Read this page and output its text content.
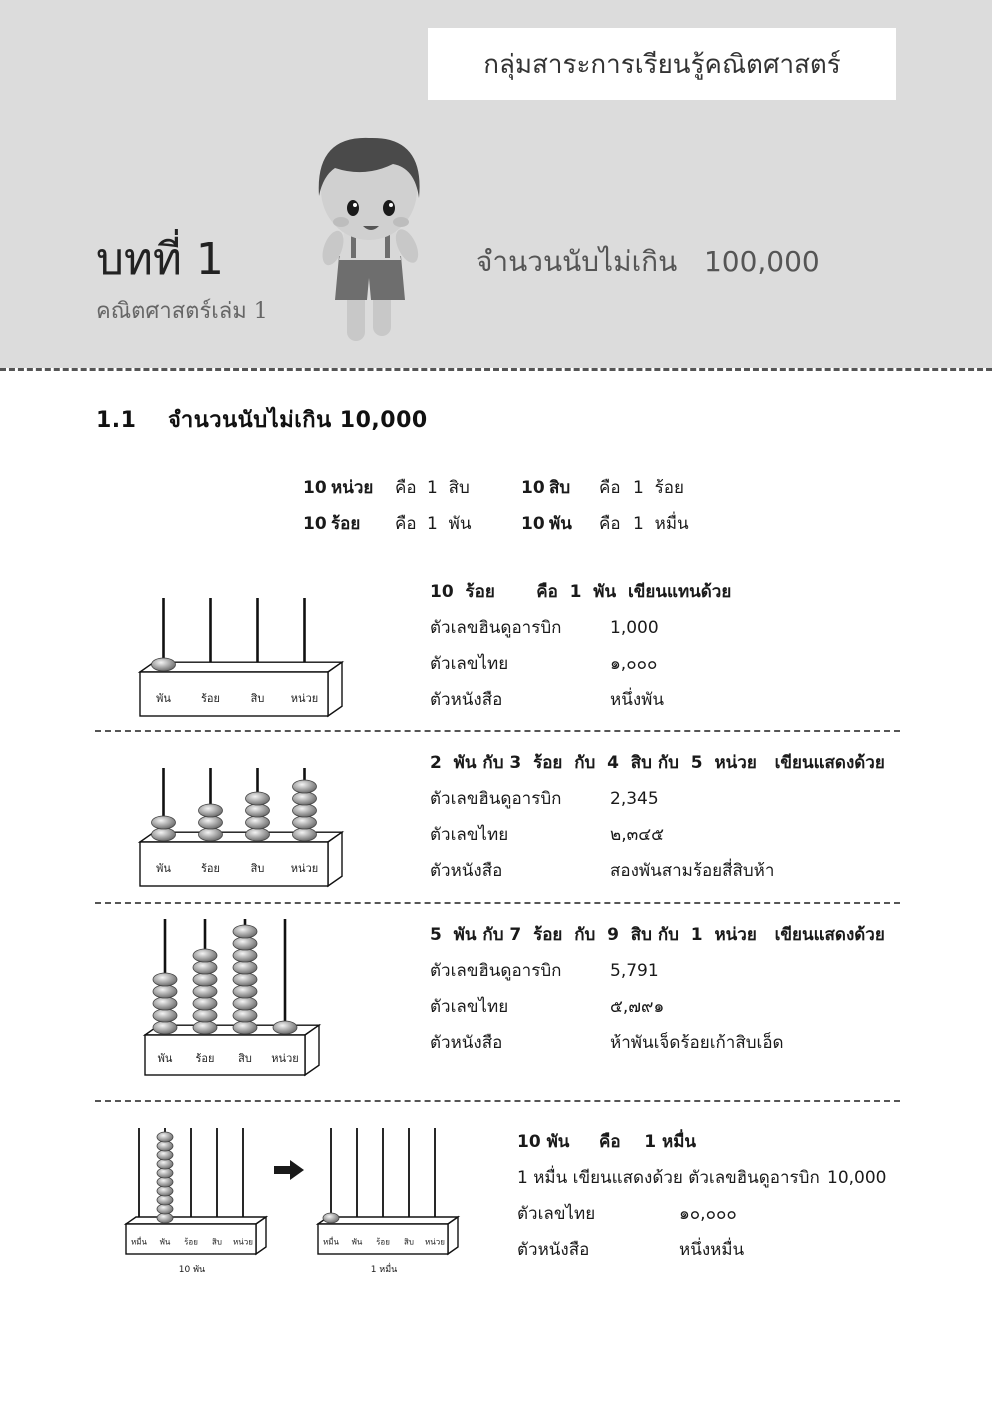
กลุ่มสาระการเรียนรู้คณิตศาสตร์
บทที่ 1
คณิตศาสตร์เล่ม 1
จำนวนนับไม่เกิน   100,000
1.1 จำนวนนับไม่เกิน 10,000
10 หน่วย	คือ 1  สิบ	10 สิบ	คือ 1  ร้อย
10 ร้อย	คือ 1  พัน	10 พัน	คือ 1  หมื่น
พัน	ร้อย	สิบ หน่วย
10  ร้อย       คือ  1  พัน  เขียนแทนด้วย
ตัวเลขฮินดูอารบิก	1,000
ตัวเลขไทย	๑,๐๐๐
ตัวหนังสือ	หนึ่งพัน
พัน	ร้อย	สิบ หน่วย
2  พัน กับ 3  ร้อย  กับ  4  สิบ กับ  5  หน่วย   เขียนแสดงด้วย
ตัวเลขฮินดูอารบิก	2,345
ตัวเลขไทย	๒,๓๔๕
ตัวหนังสือ	สองพันสามร้อยสี่สิบห้า
พัน ร้อย สิบ หน่วย
5  พัน กับ 7  ร้อย  กับ  9  สิบ กับ  1  หน่วย   เขียนแสดงด้วย
ตัวเลขฮินดูอารบิก	5,791
ตัวเลขไทย	๕,๗๙๑
ตัวหนังสือ	ห้าพันเจ็ดร้อยเก้าสิบเอ็ด
หมื่น พัน ร้อย สิบ หน่วย	หมื่น พัน ร้อย สิบ หน่วย
10 พัน	1 หมื่น
10 พัน     คือ    1 หมื่น
1 หมื่น เขียนแสดงด้วย ตัวเลขฮินดูอารบิก 10,000
ตัวเลขไทย	๑๐,๐๐๐
ตัวหนังสือ	หนึ่งหมื่น
